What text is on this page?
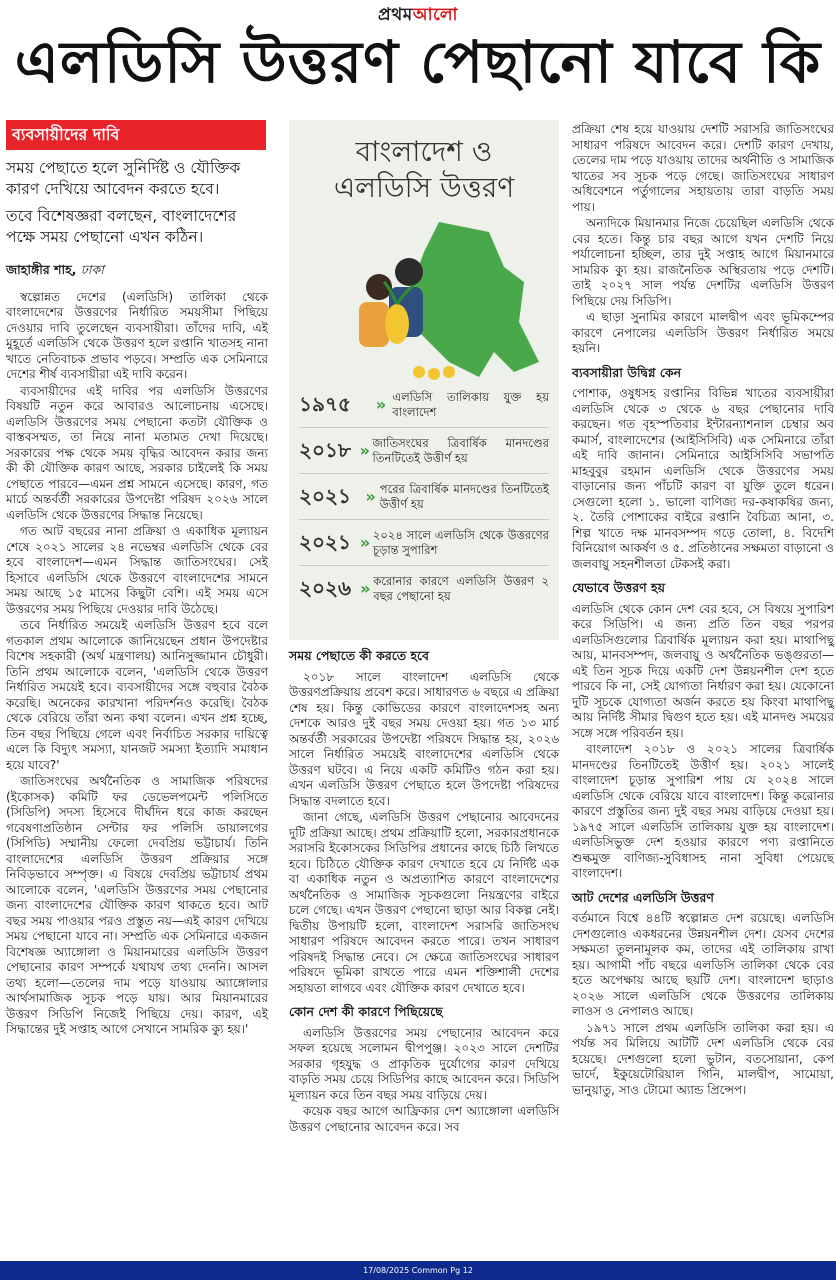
প্রথমআলো
এলডিসি উত্তরণ পেছানো যাবে কি
ব্যবসায়ীদের দাবি
সময় পেছাতে হলে সুনির্দিষ্ট ও যৌক্তিক কারণ দেখিয়ে আবেদন করতে হবে।
তবে বিশেষজ্ঞরা বলছেন, বাংলাদেশের পক্ষে সময় পেছানো এখন কঠিন।
জাহাঙ্গীর শাহ, ঢাকা

স্বল্পোন্নত দেশের (এলডিসি) তালিকা থেকে বাংলাদেশের উত্তরণের নির্ধারিত সময়সীমা পিছিয়ে দেওয়ার দাবি তুলেছেন ব্যবসায়ীরা। তাঁদের দাবি, এই মুহূর্তে এলডিসি থেকে উত্তরণ হলে রপ্তানি খাতসহ নানা খাতে নেতিবাচক প্রভাব পড়বে। সম্প্রতি এক সেমিনারে দেশের শীর্ষ ব্যবসায়ীরা এই দাবি করেন।

ব্যবসায়ীদের এই দাবির পর এলডিসি উত্তরণের বিষয়টি নতুন করে আবারও আলোচনায় এসেছে। এলডিসি উত্তরণের সময় পেছানো কতটা যৌক্তিক ও বাস্তবসম্মত, তা নিয়ে নানা মতামত দেখা দিয়েছে। সরকারের পক্ষ থেকে সময় বৃদ্ধির আবেদন করার জন্য কী কী যৌক্তিক কারণ আছে, সরকার চাইলেই কি সময় পেছাতে পারবে—এমন প্রশ্ন সামনে এসেছে। কারণ, গত মার্চে অন্তর্বর্তী সরকারের উপদেষ্টা পরিষদ ২০২৬ সালে এলডিসি থেকে উত্তরণের সিদ্ধান্ত নিয়েছে।

গত আট বছরের নানা প্রক্রিয়া ও একাধিক মূল্যায়ন শেষে ২০২১ সালের ২৪ নভেম্বর এলডিসি থেকে বের হবে বাংলাদেশ—এমন সিদ্ধান্ত জাতিসংঘের। সেই হিসাবে এলডিসি থেকে উত্তরণে বাংলাদেশের সামনে সময় আছে ১৫ মাসের কিছুটা বেশি। এই সময় এসে উত্তরণের সময় পিছিয়ে দেওয়ার দাবি উঠেছে।

তবে নির্ধারিত সময়েই এলডিসি উত্তরণ হবে বলে গতকাল প্রথম আলোকে জানিয়েছেন প্রধান উপদেষ্টার বিশেষ সহকারী (অর্থ মন্ত্রণালয়) আনিসুজ্জামান চৌধুরী। তিনি প্রথম আলোকে বলেন, 'এলডিসি থেকে উত্তরণ নির্ধারিত সময়েই হবে। ব্যবসায়ীদের সঙ্গে বহুবার বৈঠক করেছি। অনেকের কারখানা পরিদর্শনও করেছি। বৈঠক থেকে বেরিয়ে তাঁরা অন্য কথা বলেন। এখন প্রশ্ন হচ্ছে, তিন বছর পিছিয়ে গেলে এবং নির্বাচিত সরকার দায়িত্বে এলে কি বিদ্যুৎ সমস্যা, যানজট সমস্যা ইত্যাদি সমাধান হয়ে যাবে?'

জাতিসংঘের অর্থনৈতিক ও সামাজিক পরিষদের (ইকোসক) কমিটি ফর ডেভেলপমেন্ট পলিসিতে (সিডিপি) সদস্য হিসেবে দীর্ঘদিন ধরে কাজ করছেন গবেষণাপ্রতিষ্ঠান সেন্টার ফর পলিসি ডায়ালগের (সিপিডি) সম্মানীয় ফেলো দেবপ্রিয় ভট্টাচার্য। তিনি বাংলাদেশের এলডিসি উত্তরণ প্রক্রিয়ার সঙ্গে নিবিড়ভাবে সম্পৃক্ত। এ বিষয়ে দেবপ্রিয় ভট্টাচার্য প্রথম আলোকে বলেন, 'এলডিসি উত্তরণের সময় পেছানোর জন্য বাংলাদেশের যৌক্তিক কারণ থাকতে হবে। আট বছর সময় পাওয়ার পরও প্রস্তুত নয়—এই কারণ দেখিয়ে সময় পেছানো যাবে না। সম্প্রতি এক সেমিনারে একজন বিশেষজ্ঞ অ্যাঙ্গোলা ও মিয়ানমারের এলডিসি উত্তরণ পেছানোর কারণ সম্পর্কে যথাযথ তথ্য দেননি। আসল তথ্য হলো—তেলের দাম পড়ে যাওয়ায় অ্যাঙ্গোলার আর্থসামাজিক সূচক পড়ে যায়। আর মিয়ানমারের উত্তরণ সিডিপি নিজেই পিছিয়ে দেয়। কারণ, এই সিদ্ধান্তের দুই সপ্তাহ আগে সেখানে সামরিক ক্যু হয়।'

বাংলাদেশ ও
এলডিসি উত্তরণ
১৯৭৫	» এলডিসি তালিকায় যুক্ত হয় বাংলাদেশ
২০১৮ » জাতিসংঘের ত্রিবার্ষিক মানদণ্ডের তিনটিতেই উত্তীর্ণ হয়
২০২১ » পরের ত্রিবার্ষিক মানদণ্ডের তিনটিতেই উত্তীর্ণ হয়
২০২১ » ২০২৪ সালে এলডিসি থেকে উত্তরণের চূড়ান্ত সুপারিশ
২০২৬ » করোনার কারণে এলডিসি উত্তরণ ২ বছর পেছানো হয়
সময় পেছাতে কী করতে হবে

২০১৮ সালে বাংলাদেশ এলডিসি থেকে উত্তরণপ্রক্রিয়ায় প্রবেশ করে। সাধারণত ৬ বছরে এ প্রক্রিয়া শেষ হয়। কিন্তু কোভিডের কারণে বাংলাদেশসহ অন্য দেশকে আরও দুই বছর সময় দেওয়া হয়। গত ১৩ মার্চ অন্তর্বর্তী সরকারের উপদেষ্টা পরিষদে সিদ্ধান্ত হয়, ২০২৬ সালে নির্ধারিত সময়েই বাংলাদেশের এলডিসি থেকে উত্তরণ ঘটবে। এ নিয়ে একটি কমিটিও গঠন করা হয়। এখন এলডিসি উত্তরণ পেছাতে হলে উপদেষ্টা পরিষদের সিদ্ধান্ত বদলাতে হবে।

জানা গেছে, এলডিসি উত্তরণ পেছানোর আবেদনের দুটি প্রক্রিয়া আছে। প্রথম প্রক্রিয়াটি হলো, সরকারপ্রধানকে সরাসরি ইকোসকের সিডিপির প্রধানের কাছে চিঠি লিখতে হবে। চিঠিতে যৌক্তিক কারণ দেখাতে হবে যে নির্দিষ্ট এক বা একাধিক নতুন ও অপ্রত্যাশিত কারণে বাংলাদেশের অর্থনৈতিক ও সামাজিক সূচকগুলো নিয়ন্ত্রণের বাইরে চলে গেছে। এখন উত্তরণ পেছানো ছাড়া আর বিকল্প নেই। দ্বিতীয় উপায়টি হলো, বাংলাদেশ সরাসরি জাতিসংঘ সাধারণ পরিষদে আবেদন করতে পারে। তখন সাধারণ পরিষদই সিদ্ধান্ত নেবে। সে ক্ষেত্রে জাতিসংঘের সাধারণ পরিষদে ভূমিকা রাখতে পারে এমন শক্তিশালী দেশের সহায়তা লাগবে এবং যৌক্তিক কারণ দেখাতে হবে।

কোন দেশ কী কারণে পিছিয়েছে

এলডিসি উত্তরণের সময় পেছানোর আবেদন করে সফল হয়েছে সলোমন দ্বীপপুঞ্জ। ২০২৩ সালে দেশটির সরকার গৃহযুদ্ধ ও প্রাকৃতিক দুর্যোগের কারণ দেখিয়ে বাড়তি সময় চেয়ে সিডিপির কাছে আবেদন করে। সিডিপি মূল্যায়ন করে তিন বছর সময় বাড়িয়ে দেয়।

কয়েক বছর আগে আফ্রিকার দেশ অ্যাঙ্গোলা এলডিসি উত্তরণ পেছানোর আবেদন করে। সব

প্রক্রিয়া শেষ হয়ে যাওয়ায় দেশটি সরাসরি জাতিসংঘের সাধারণ পরিষদে আবেদন করে। দেশটি কারণ দেখায়, তেলের দাম পড়ে যাওয়ায় তাদের অর্থনীতি ও সামাজিক খাতের সব সূচক পড়ে গেছে। জাতিসংঘের সাধারণ অধিবেশনে পর্তুগালের সহায়তায় তারা বাড়তি সময় পায়।

অন্যদিকে মিয়ানমার নিজে চেয়েছিল এলডিসি থেকে বের হতে। কিন্তু চার বছর আগে যখন দেশটি নিয়ে পর্যালোচনা হচ্ছিল, তার দুই সপ্তাহ আগে মিয়ানমারে সামরিক ক্যু হয়। রাজনৈতিক অস্থিরতায় পড়ে দেশটি। তাই ২০২৭ সাল পর্যন্ত দেশটির এলডিসি উত্তরণ পিছিয়ে দেয় সিডিপি।

এ ছাড়া সুনামির কারণে মালদ্বীপ এবং ভূমিকম্পের কারণে নেপালের এলডিসি উত্তরণ নির্ধারিত সময়ে হয়নি।

ব্যবসায়ীরা উদ্বিগ্ন কেন

পোশাক, ওষুধসহ রপ্তানির বিভিন্ন খাতের ব্যবসায়ীরা এলডিসি থেকে ৩ থেকে ৬ বছর পেছানোর দাবি করছেন। গত বৃহস্পতিবার ইন্টারন্যাশনাল চেম্বার অব কমার্স, বাংলাদেশের (আইসিসিবি) এক সেমিনারে তাঁরা এই দাবি জানান। সেমিনারে আইসিসিবি সভাপতি মাহবুবুর রহমান এলডিসি থেকে উত্তরণের সময় বাড়ানোর জন্য পাঁচটি কারণ বা যুক্তি তুলে ধরেন। সেগুলো হলো ১. ভালো বাণিজ্য দর-কষাকষির জন্য, ২. তৈরি পোশাকের বাইরে রপ্তানি বৈচিত্র্য আনা, ৩. শিল্প খাতে দক্ষ মানবসম্পদ গড়ে তোলা, ৪. বিদেশি বিনিয়োগ আকর্ষণ ও ৫. প্রতিষ্ঠানের সক্ষমতা বাড়ানো ও জলবায়ু সহনশীলতা টেকসই করা।

যেভাবে উত্তরণ হয়

এলডিসি থেকে কোন দেশ বের হবে, সে বিষয়ে সুপারিশ করে সিডিপি। এ জন্য প্রতি তিন বছর পরপর এলডিসিগুলোর ত্রিবার্ষিক মূল্যায়ন করা হয়। মাথাপিছু আয়, মানবসম্পদ, জলবায়ু ও অর্থনৈতিক ভঙ্গুরতা—এই তিন সূচক দিয়ে একটি দেশ উন্নয়নশীল দেশ হতে পারবে কি না, সেই যোগ্যতা নির্ধারণ করা হয়। যেকোনো দুটি সূচকে যোগ্যতা অর্জন করতে হয় কিংবা মাথাপিছু আয় নির্দিষ্ট সীমার দ্বিগুণ হতে হয়। এই মানদণ্ড সময়ের সঙ্গে সঙ্গে পরিবর্তন হয়।

বাংলাদেশ ২০১৮ ও ২০২১ সালের ত্রিবার্ষিক মানদণ্ডের তিনটিতেই উত্তীর্ণ হয়। ২০২১ সালেই বাংলাদেশ চূড়ান্ত সুপারিশ পায় যে ২০২৪ সালে এলডিসি থেকে বেরিয়ে যাবে বাংলাদেশ। কিন্তু করোনার কারণে প্রস্তুতির জন্য দুই বছর সময় বাড়িয়ে দেওয়া হয়। ১৯৭৫ সালে এলডিসি তালিকায় যুক্ত হয় বাংলাদেশ। এলডিসিভুক্ত দেশ হওয়ার কারণে পণ্য রপ্তানিতে শুল্কমুক্ত বাণিজ্য-সুবিধাসহ নানা সুবিধা পেয়েছে বাংলাদেশ।

আট দেশের এলডিসি উত্তরণ

বর্তমানে বিশ্বে ৪৪টি স্বল্পোন্নত দেশ রয়েছে। এলডিসি দেশগুলোও একধরনের উন্নয়নশীল দেশ। যেসব দেশের সক্ষমতা তুলনামূলক কম, তাদের এই তালিকায় রাখা হয়। আগামী পাঁচ বছরে এলডিসি তালিকা থেকে বের হতে অপেক্ষায় আছে ছয়টি দেশ। বাংলাদেশ ছাড়াও ২০২৬ সালে এলডিসি থেকে উত্তরণের তালিকায় লাওস ও নেপালও আছে।

১৯৭১ সালে প্রথম এলডিসি তালিকা করা হয়। এ পর্যন্ত সব মিলিয়ে আটটি দেশ এলডিসি থেকে বের হয়েছে। দেশগুলো হলো ভুটান, বতসোয়ানা, কেপ ভার্দে, ইকুয়েটোরিয়াল গিনি, মালদ্বীপ, সামোয়া, ভানুয়াতু, সাও টোমো অ্যান্ড প্রিন্সেপ।

17/08/2025 Common Pg 12
